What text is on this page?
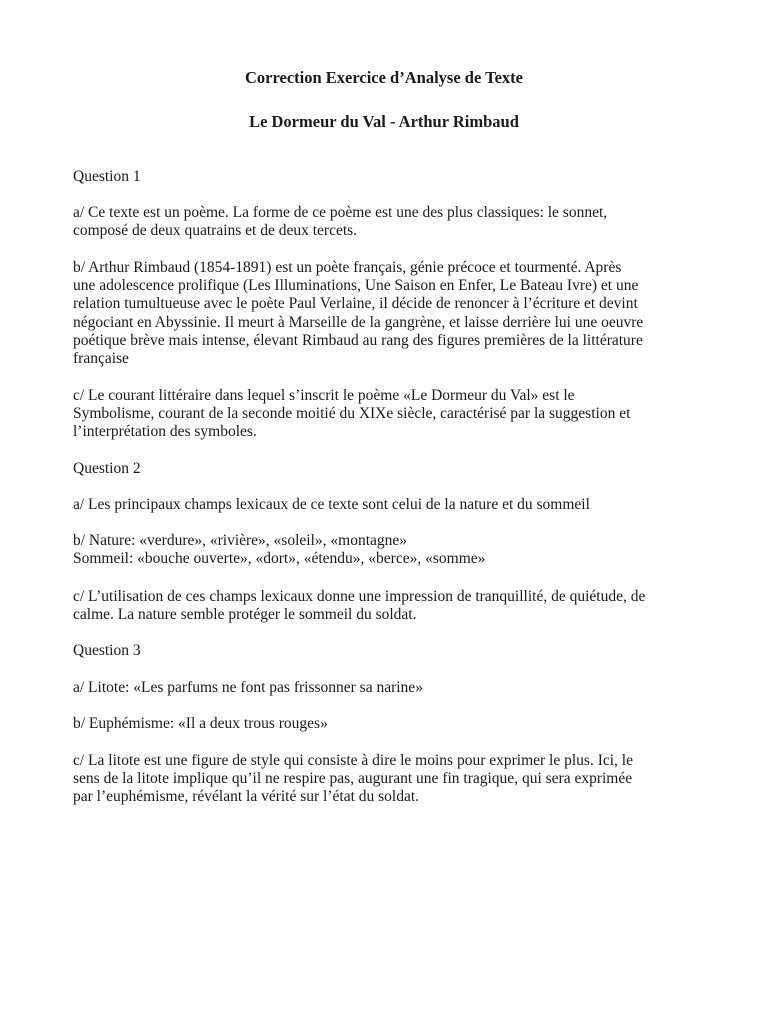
Correction Exercice d’Analyse de Texte
Le Dormeur du Val - Arthur Rimbaud
Question 1
a/ Ce texte est un poème. La forme de ce poème est une des plus classiques: le sonnet,
composé de deux quatrains et de deux tercets.
b/ Arthur Rimbaud (1854-1891) est un poète français, génie précoce et tourmenté. Après
une adolescence prolifique (Les Illuminations, Une Saison en Enfer, Le Bateau Ivre) et une
relation tumultueuse avec le poète Paul Verlaine, il décide de renoncer à l’écriture et devint
négociant en Abyssinie. Il meurt à Marseille de la gangrène, et laisse derrière lui une oeuvre
poétique brève mais intense, élevant Rimbaud au rang des figures premières de la littérature
française
c/ Le courant littéraire dans lequel s’inscrit le poème «Le Dormeur du Val» est le
Symbolisme, courant de la seconde moitié du XIXe siècle, caractérisé par la suggestion et
l’interprétation des symboles.
Question 2
a/ Les principaux champs lexicaux de ce texte sont celui de la nature et du sommeil
b/ Nature: «verdure», «rivière», «soleil», «montagne»
Sommeil: «bouche ouverte», «dort», «étendu», «berce», «somme»
c/ L’utilisation de ces champs lexicaux donne une impression de tranquillité, de quiétude, de
calme. La nature semble protéger le sommeil du soldat.
Question 3
a/ Litote: «Les parfums ne font pas frissonner sa narine»
b/ Euphémisme: «Il a deux trous rouges»
c/ La litote est une figure de style qui consiste à dire le moins pour exprimer le plus. Ici, le
sens de la litote implique qu’il ne respire pas, augurant une fin tragique, qui sera exprimée
par l’euphémisme, révélant la vérité sur l’état du soldat.
